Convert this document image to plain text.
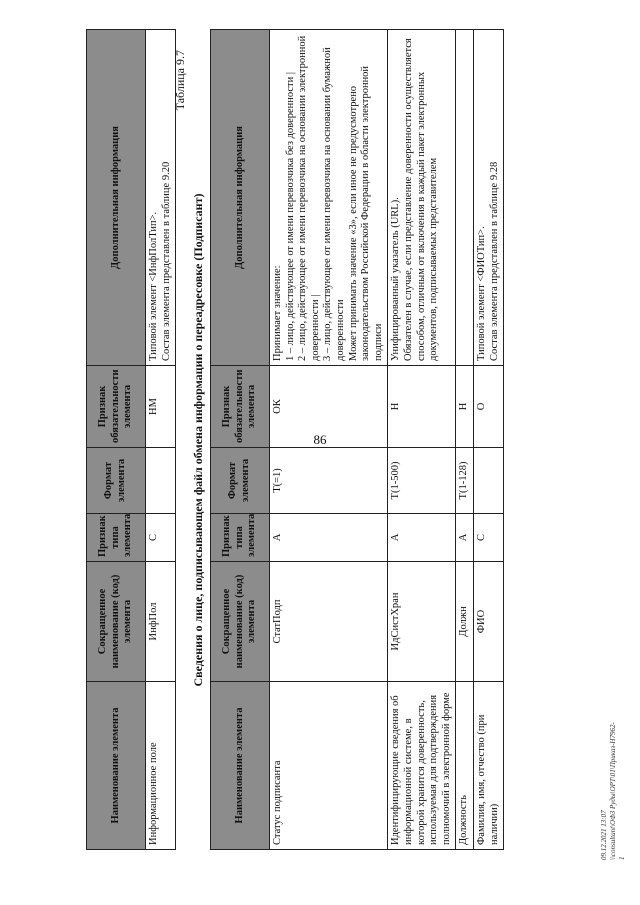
86
Наименование элемента	Сокращенное наименование (код) элемента	Признак типа элемента	Формат элемента	Признак обязательности элемента	Дополнительная информация
Информационное поле	ИнфПол	С		НМ	Типовой элемент <ИнфПолТип>. Состав элемента представлен в таблице 9.20
Таблица 9.7
Сведения о лице, подписывающем файл обмена информации о переадресовке (Подписант)
Наименование элемента	Сокращенное наименование (код) элемента	Признак типа элемента	Формат элемента	Признак обязательности элемента	Дополнительная информация
Статус подписанта	СтатПодп	А	Т(=1)	ОК	Принимает значение: 1 – лицо, действующее от имени перевозчика без доверенности | 2 – лицо, действующее от имени перевозчика на основании электронной доверенности | 3 – лицо, действующее от имени перевозчика на основании бумажной доверенности Может принимать значение «3», если иное не предусмотрено законодательством Российской Федерации в области электронной подписи

Идентифицирующие сведения об информационной системе, в которой хранится доверенность, используемая для подтверждения полномочий в электронной форме	ИдСистХран	А	Т(1-500)	Н	Унифицированный указатель (URL). Обязателен в случае, если представление доверенности осуществляется способом, отличным от включения в каждый пакет электронных документов, подписываемых представителем

Должность	Должн	А	Т(1-128)	Н	
Фамилия, имя, отчество (при наличии)	ФИО	С		О	Типовой элемент <ФИОТип>. Состав элемента представлен в таблице 9.28
09.12.2021 13:07 \\consultant\ОФЗ Руды\ОРТ\01\Приказ-Н7962-1
